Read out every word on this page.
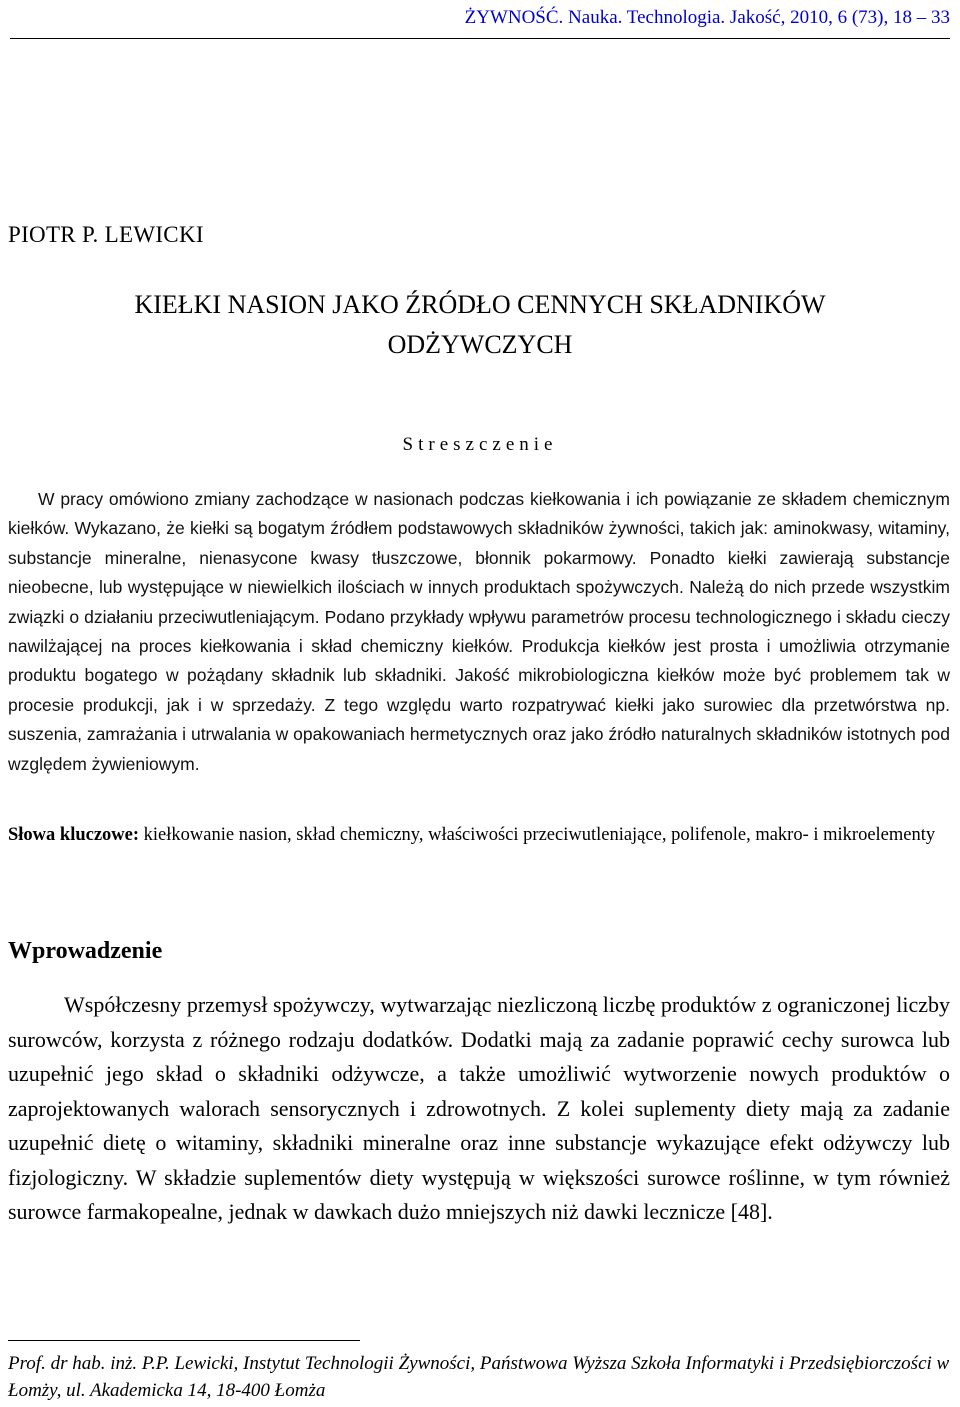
ŻYWNOŚĆ. Nauka. Technologia. Jakość, 2010, 6 (73), 18 – 33
PIOTR P. LEWICKI
KIEŁKI NASION JAKO ŹRÓDŁO CENNYCH SKŁADNIKÓW
ODŻYWCZYCH
Streszczenie
W pracy omówiono zmiany zachodzące w nasionach podczas kiełkowania i ich powiązanie ze składem chemicznym kiełków. Wykazano, że kiełki są bogatym źródłem podstawowych składników żywności, takich jak: aminokwasy, witaminy, substancje mineralne, nienasycone kwasy tłuszczowe, błonnik pokarmowy. Ponadto kiełki zawierają substancje nieobecne, lub występujące w niewielkich ilościach w innych produktach spożywczych. Należą do nich przede wszystkim związki o działaniu przeciwutleniającym. Podano przykłady wpływu parametrów procesu technologicznego i składu cieczy nawilżającej na proces kiełkowania i skład chemiczny kiełków. Produkcja kiełków jest prosta i umożliwia otrzymanie produktu bogatego w pożądany składnik lub składniki. Jakość mikrobiologiczna kiełków może być problemem tak w procesie produkcji, jak i w sprzedaży. Z tego względu warto rozpatrywać kiełki jako surowiec dla przetwórstwa np. suszenia, zamrażania i utrwalania w opakowaniach hermetycznych oraz jako źródło naturalnych składników istotnych pod względem żywieniowym.
Słowa kluczowe: kiełkowanie nasion, skład chemiczny, właściwości przeciwutleniające, polifenole, makro- i mikroelementy
Wprowadzenie
Współczesny przemysł spożywczy, wytwarzając niezliczoną liczbę produktów z ograniczonej liczby surowców, korzysta z różnego rodzaju dodatków. Dodatki mają za zadanie poprawić cechy surowca lub uzupełnić jego skład o składniki odżywcze, a także umożliwić wytworzenie nowych produktów o zaprojektowanych walorach sensorycznych i zdrowotnych. Z kolei suplementy diety mają za zadanie uzupełnić dietę o witaminy, składniki mineralne oraz inne substancje wykazujące efekt odżywczy lub fizjologiczny. W składzie suplementów diety występują w większości surowce roślinne, w tym również surowce farmakopealne, jednak w dawkach dużo mniejszych niż dawki lecznicze [48].
Prof. dr hab. inż. P.P. Lewicki, Instytut Technologii Żywności, Państwowa Wyższa Szkoła Informatyki i Przedsiębiorczości w Łomży, ul. Akademicka 14, 18-400 Łomża
